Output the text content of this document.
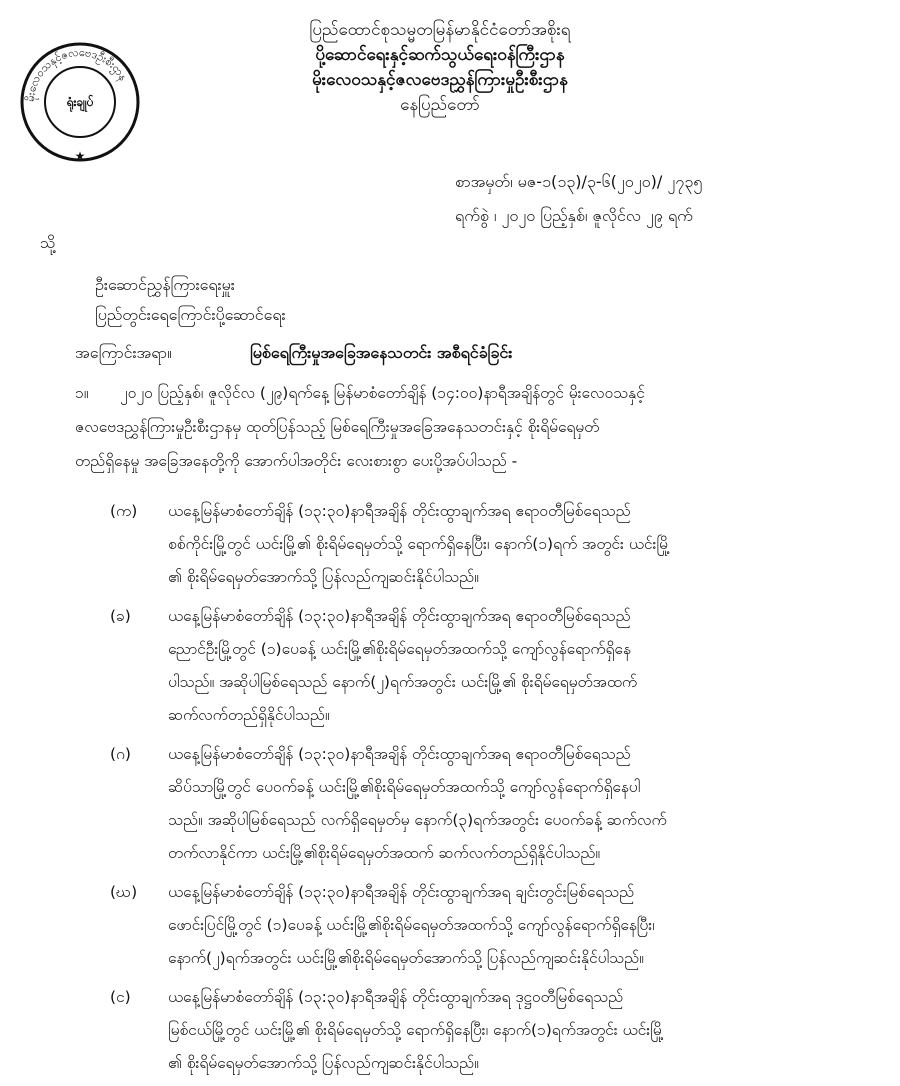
မိုးလေဝသနှင့်ဇလဗေဒဦးစီးဌာန
ရုံးချုပ်
★
ပြည်ထောင်စုသမ္မတမြန်မာနိုင်ငံတော်အစိုးရ
ပို့ဆောင်ရေးနှင့်ဆက်သွယ်ရေးဝန်ကြီးဌာန
မိုးလေဝသနှင့်ဇလဗေဒညွှန်ကြားမှုဦးစီးဌာန
နေပြည်တော်
စာအမှတ်၊ မဇ-၁(၁၃)/၃-၆(၂၀၂၀)/ ၂၇၃၅
ရက်စွဲ ၊ ၂၀၂၀ ပြည့်နှစ်၊ ဇူလိုင်လ ၂၉ ရက်
သို့
ဦးဆောင်ညွှန်ကြားရေးမှူး
ပြည်တွင်းရေကြောင်းပို့ဆောင်ရေး
အကြောင်းအရာ။	မြစ်ရေကြီးမှုအခြေအနေသတင်း အစီရင်ခံခြင်း
၁။ ၂၀၂၀ ပြည့်နှစ်၊ ဇူလိုင်လ (၂၉)ရက်နေ့ မြန်မာစံတော်ချိန် (၁၄:၀၀)နာရီအချိန်တွင် မိုးလေဝသနှင့်
ဇလဗေဒညွှန်ကြားမှုဦးစီးဌာနမှ ထုတ်ပြန်သည့် မြစ်ရေကြီးမှုအခြေအနေသတင်းနှင့် စိုးရိမ်ရေမှတ်
တည်ရှိနေမှု အခြေအနေတို့ကို အောက်ပါအတိုင်း လေးစားစွာ ပေးပို့အပ်ပါသည် -
(က) ယနေ့မြန်မာစံတော်ချိန် (၁၃:၃၀)နာရီအချိန် တိုင်းထွာချက်အရ ဧရာဝတီမြစ်ရေသည်
စစ်ကိုင်းမြို့တွင် ယင်းမြို့၏ စိုးရိမ်ရေမှတ်သို့ ရောက်ရှိနေပြီး၊ နောက်(၁)ရက် အတွင်း ယင်းမြို့
၏ စိုးရိမ်ရေမှတ်အောက်သို့ ပြန်လည်ကျဆင်းနိုင်ပါသည်။
(ခ) ယနေ့မြန်မာစံတော်ချိန် (၁၃:၃၀)နာရီအချိန် တိုင်းထွာချက်အရ ဧရာဝတီမြစ်ရေသည်
ညောင်ဦးမြို့တွင် (၁)ပေခန့် ယင်းမြို့၏စိုးရိမ်ရေမှတ်အထက်သို့ ကျော်လွန်ရောက်ရှိနေ
ပါသည်။ အဆိုပါမြစ်ရေသည် နောက်(၂)ရက်အတွင်း ယင်းမြို့၏ စိုးရိမ်ရေမှတ်အထက်
ဆက်လက်တည်ရှိနိုင်ပါသည်။
(ဂ) ယနေ့မြန်မာစံတော်ချိန် (၁၃:၃၀)နာရီအချိန် တိုင်းထွာချက်အရ ဧရာဝတီမြစ်ရေသည်
ဆိပ်သာမြို့တွင် ပေဝက်ခန့် ယင်းမြို့၏စိုးရိမ်ရေမှတ်အထက်သို့ ကျော်လွန်ရောက်ရှိနေပါ
သည်။ အဆိုပါမြစ်ရေသည် လက်ရှိရေမှတ်မှ နောက်(၃)ရက်အတွင်း ပေဝက်ခန့် ဆက်လက်
တက်လာနိုင်ကာ ယင်းမြို့၏စိုးရိမ်ရေမှတ်အထက် ဆက်လက်တည်ရှိနိုင်ပါသည်။
(ဃ) ယနေ့မြန်မာစံတော်ချိန် (၁၃:၃၀)နာရီအချိန် တိုင်းထွာချက်အရ ချင်းတွင်းမြစ်ရေသည်
ဖောင်းပြင်မြို့တွင် (၁)ပေခန့် ယင်းမြို့၏စိုးရိမ်ရေမှတ်အထက်သို့ ကျော်လွန်ရောက်ရှိနေပြီး၊
နောက်(၂)ရက်အတွင်း ယင်းမြို့၏စိုးရိမ်ရေမှတ်အောက်သို့ ပြန်လည်ကျဆင်းနိုင်ပါသည်။
(င) ယနေ့မြန်မာစံတော်ချိန် (၁၃:၃၀)နာရီအချိန် တိုင်းထွာချက်အရ ဒုဋ္ဌဝတီမြစ်ရေသည်
မြစ်ငယ်မြို့တွင် ယင်းမြို့၏ စိုးရိမ်ရေမှတ်သို့ ရောက်ရှိနေပြီး၊ နောက်(၁)ရက်အတွင်း ယင်းမြို့
၏ စိုးရိမ်ရေမှတ်အောက်သို့ ပြန်လည်ကျဆင်းနိုင်ပါသည်။
